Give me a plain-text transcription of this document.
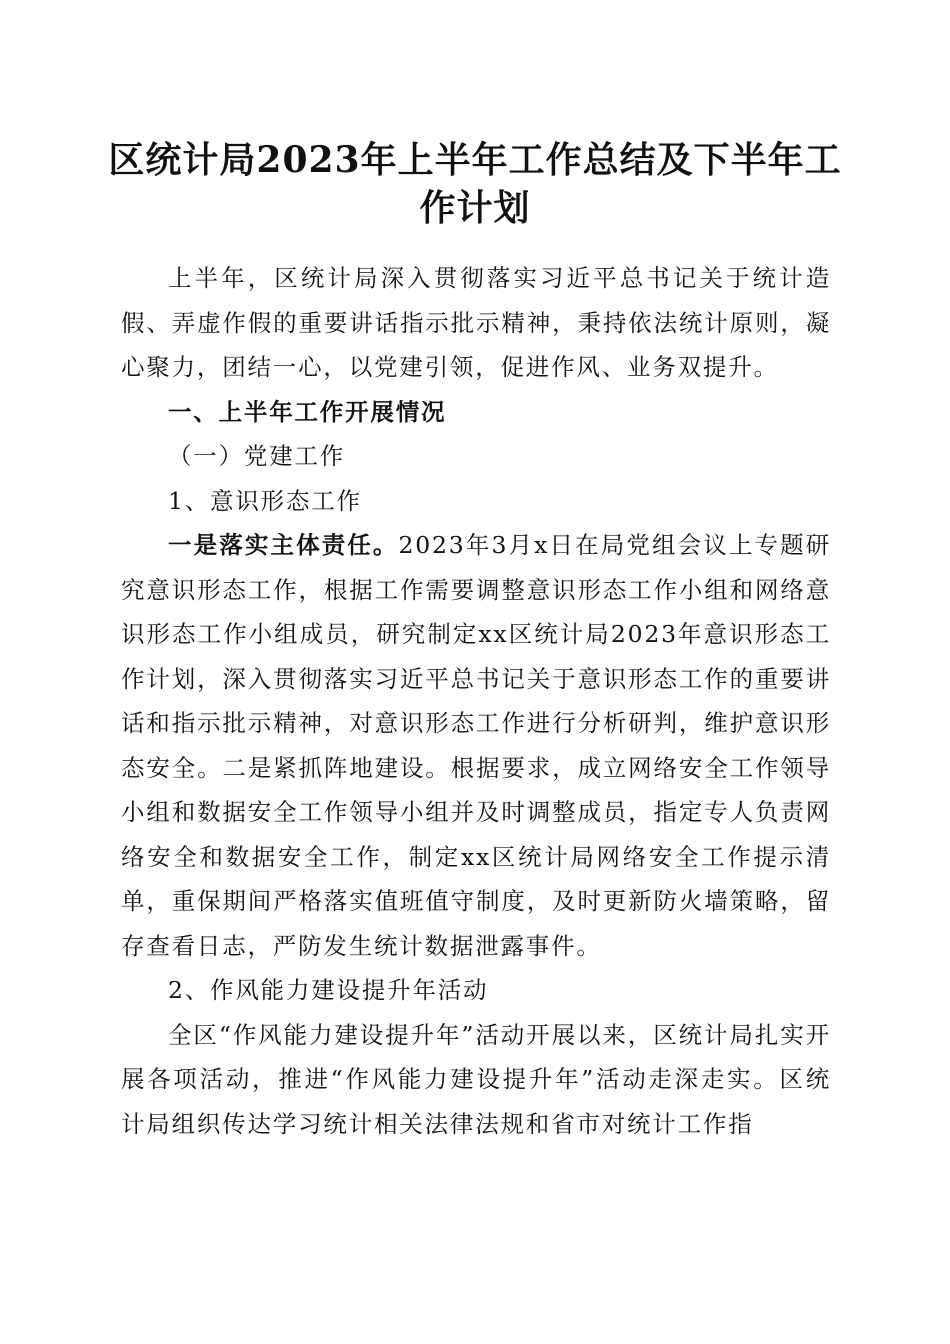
区统计局2023年上半年工作总结及下半年工作计划

上半年，区统计局深入贯彻落实习近平总书记关于统计造假、弄虚作假的重要讲话指示批示精神，秉持依法统计原则，凝心聚力，团结一心，以党建引领，促进作风、业务双提升。

一、上半年工作开展情况

（一）党建工作

1、意识形态工作

一是落实主体责任。2023年3月x日在局党组会议上专题研究意识形态工作，根据工作需要调整意识形态工作小组和网络意识形态工作小组成员，研究制定xx区统计局2023年意识形态工作计划，深入贯彻落实习近平总书记关于意识形态工作的重要讲话和指示批示精神，对意识形态工作进行分析研判，维护意识形态安全。二是紧抓阵地建设。根据要求，成立网络安全工作领导小组和数据安全工作领导小组并及时调整成员，指定专人负责网络安全和数据安全工作，制定xx区统计局网络安全工作提示清单，重保期间严格落实值班值守制度，及时更新防火墙策略，留存查看日志，严防发生统计数据泄露事件。

2、作风能力建设提升年活动

全区“作风能力建设提升年”活动开展以来，区统计局扎实开展各项活动，推进“作风能力建设提升年”活动走深走实。区统计局组织传达学习统计相关法律法规和省市对统计工作指
